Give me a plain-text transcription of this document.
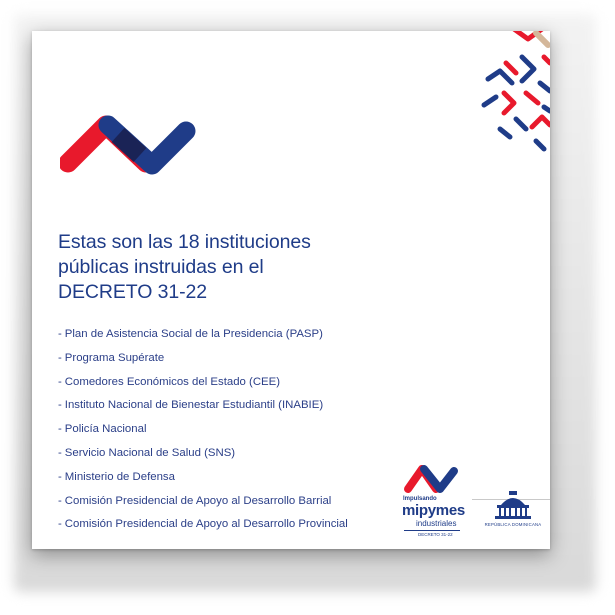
Estas son las 18 instituciones
públicas instruidas en el
DECRETO 31-22
- Plan de Asistencia Social de la Presidencia (PASP)
- Programa Supérate
- Comedores Económicos del Estado (CEE)
- Instituto Nacional de Bienestar Estudiantil (INABIE)
- Policía Nacional
- Servicio Nacional de Salud (SNS)
- Ministerio de Defensa
- Comisión Presidencial de Apoyo al Desarrollo Barrial
- Comisión Presidencial de Apoyo al Desarrollo Provincial
Impulsando
mipymes
industriales
DECRETO 31-22
REPÚBLICA DOMINICANA
